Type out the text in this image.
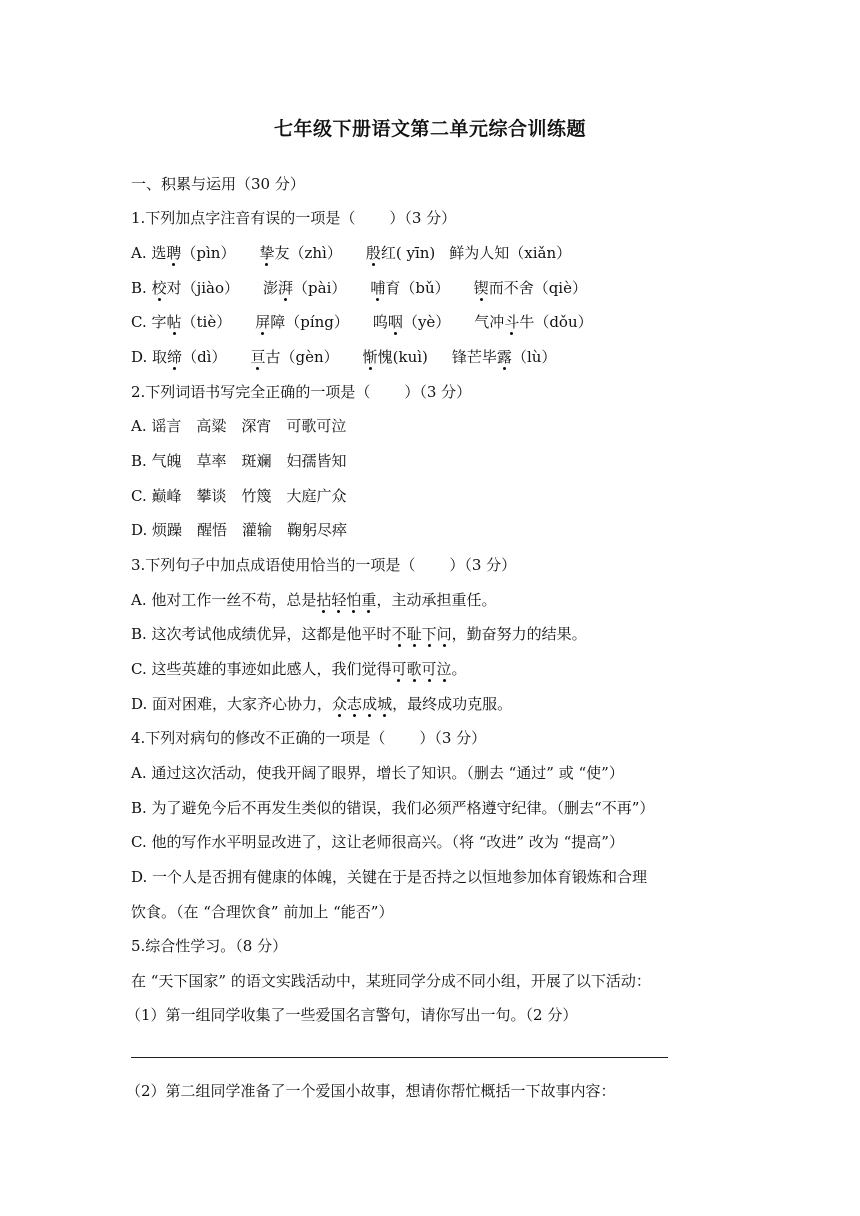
七年级下册语文第二单元综合训练题
一、积累与运用（30 分）
1.下列加点字注音有误的一项是（ ）（3 分）
A. 选聘（pìn） 挚友（zhì） 殷红( yīn) 鲜为人知（xiǎn）
B. 校对（jiào） 澎湃（pài） 哺育（bǔ） 锲而不舍（qiè）
C. 字帖（tiè） 屏障（píng） 呜咽（yè） 气冲斗牛（dǒu）
D. 取缔（dì） 亘古（gèn） 惭愧(kuì) 锋芒毕露（lù）
2.下列词语书写完全正确的一项是（ ）（3 分）
A. 谣言　高粱　深宵　可歌可泣
B. 气魄　草率　斑斓　妇孺皆知
C. 巅峰　攀谈　竹篾　大庭广众
D. 烦躁　醒悟　灌输　鞠躬尽瘁
3.下列句子中加点成语使用恰当的一项是（ ）（3 分）
A. 他对工作一丝不苟，总是拈轻怕重，主动承担重任。
B. 这次考试他成绩优异，这都是他平时不耻下问，勤奋努力的结果。
C. 这些英雄的事迹如此感人，我们觉得可歌可泣。
D. 面对困难，大家齐心协力，众志成城，最终成功克服。
4.下列对病句的修改不正确的一项是（ ）（3 分）
A. 通过这次活动，使我开阔了眼界，增长了知识。（删去 “通过” 或 “使”）
B. 为了避免今后不再发生类似的错误，我们必须严格遵守纪律。（删去“不再”）
C. 他的写作水平明显改进了，这让老师很高兴。（将 “改进” 改为 “提高”）
D. 一个人是否拥有健康的体魄，关键在于是否持之以恒地参加体育锻炼和合理
饮食。（在 “合理饮食” 前加上 “能否”）
5.综合性学习。（8 分）
在 “天下国家” 的语文实践活动中，某班同学分成不同小组，开展了以下活动：
（1）第一组同学收集了一些爱国名言警句，请你写出一句。（2 分）
（2）第二组同学准备了一个爱国小故事，想请你帮忙概括一下故事内容：
